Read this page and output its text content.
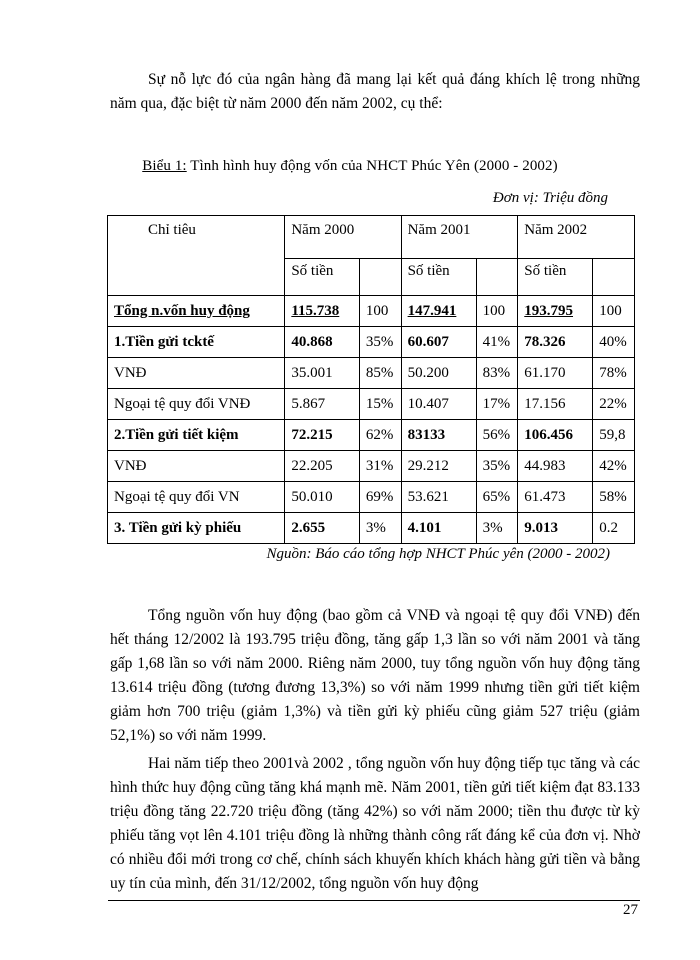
Sự nỗ lực đó của ngân hàng đã mang lại kết quả đáng khích lệ trong những năm qua, đặc biệt từ năm 2000 đến năm 2002, cụ thể:

Biểu 1: Tình hình huy động vốn của NHCT Phúc Yên (2000 - 2002)
Đơn vị: Triệu đồng
Chỉ tiêu	Năm 2000		Năm 2001		Năm 2002	
	Số tiền		Số tiền		Số tiền	
Tổng n.vốn huy động	115.738	100	147.941	100	193.795	100
1.Tiền gửi tcktế	40.868	35%	60.607	41%	78.326	40%
VNĐ	35.001	85%	50.200	83%	61.170	78%
Ngoại tệ quy đổi VNĐ	5.867	15%	10.407	17%	17.156	22%
2.Tiền gửi tiết kiệm	72.215	62%	83133	56%	106.456	59,8
VNĐ	22.205	31%	29.212	35%	44.983	42%
Ngoại tệ quy đổi VN	50.010	69%	53.621	65%	61.473	58%
3. Tiền gửi kỳ phiếu	2.655	3%	4.101	3%	9.013	0.2
Nguồn: Báo cáo tổng hợp NHCT Phúc yên (2000 - 2002)

Tổng nguồn vốn huy động (bao gồm cả VNĐ và ngoại tệ quy đổi VNĐ) đến hết tháng 12/2002 là 193.795 triệu đồng, tăng gấp 1,3 lần so với năm 2001 và tăng gấp 1,68 lần so với năm 2000. Riêng năm 2000, tuy tổng nguồn vốn huy động tăng 13.614 triệu đồng (tương đương 13,3%) so với năm 1999 nhưng tiền gửi tiết kiệm giảm hơn 700 triệu (giảm 1,3%) và tiền gửi kỳ phiếu cũng giảm 527 triệu (giảm 52,1%) so với năm 1999.

Hai năm tiếp theo 2001và 2002 , tổng nguồn vốn huy động tiếp tục tăng và các hình thức huy động cũng tăng khá mạnh mẽ. Năm 2001, tiền gửi tiết kiệm đạt 83.133 triệu đồng tăng 22.720 triệu đồng (tăng 42%) so với năm 2000; tiền thu được từ kỳ phiếu tăng vọt lên 4.101 triệu đồng là những thành công rất đáng kể của đơn vị. Nhờ có nhiều đổi mới trong cơ chế, chính sách khuyến khích khách hàng gửi tiền và bằng uy tín của mình, đến 31/12/2002, tổng nguồn vốn huy động

27
